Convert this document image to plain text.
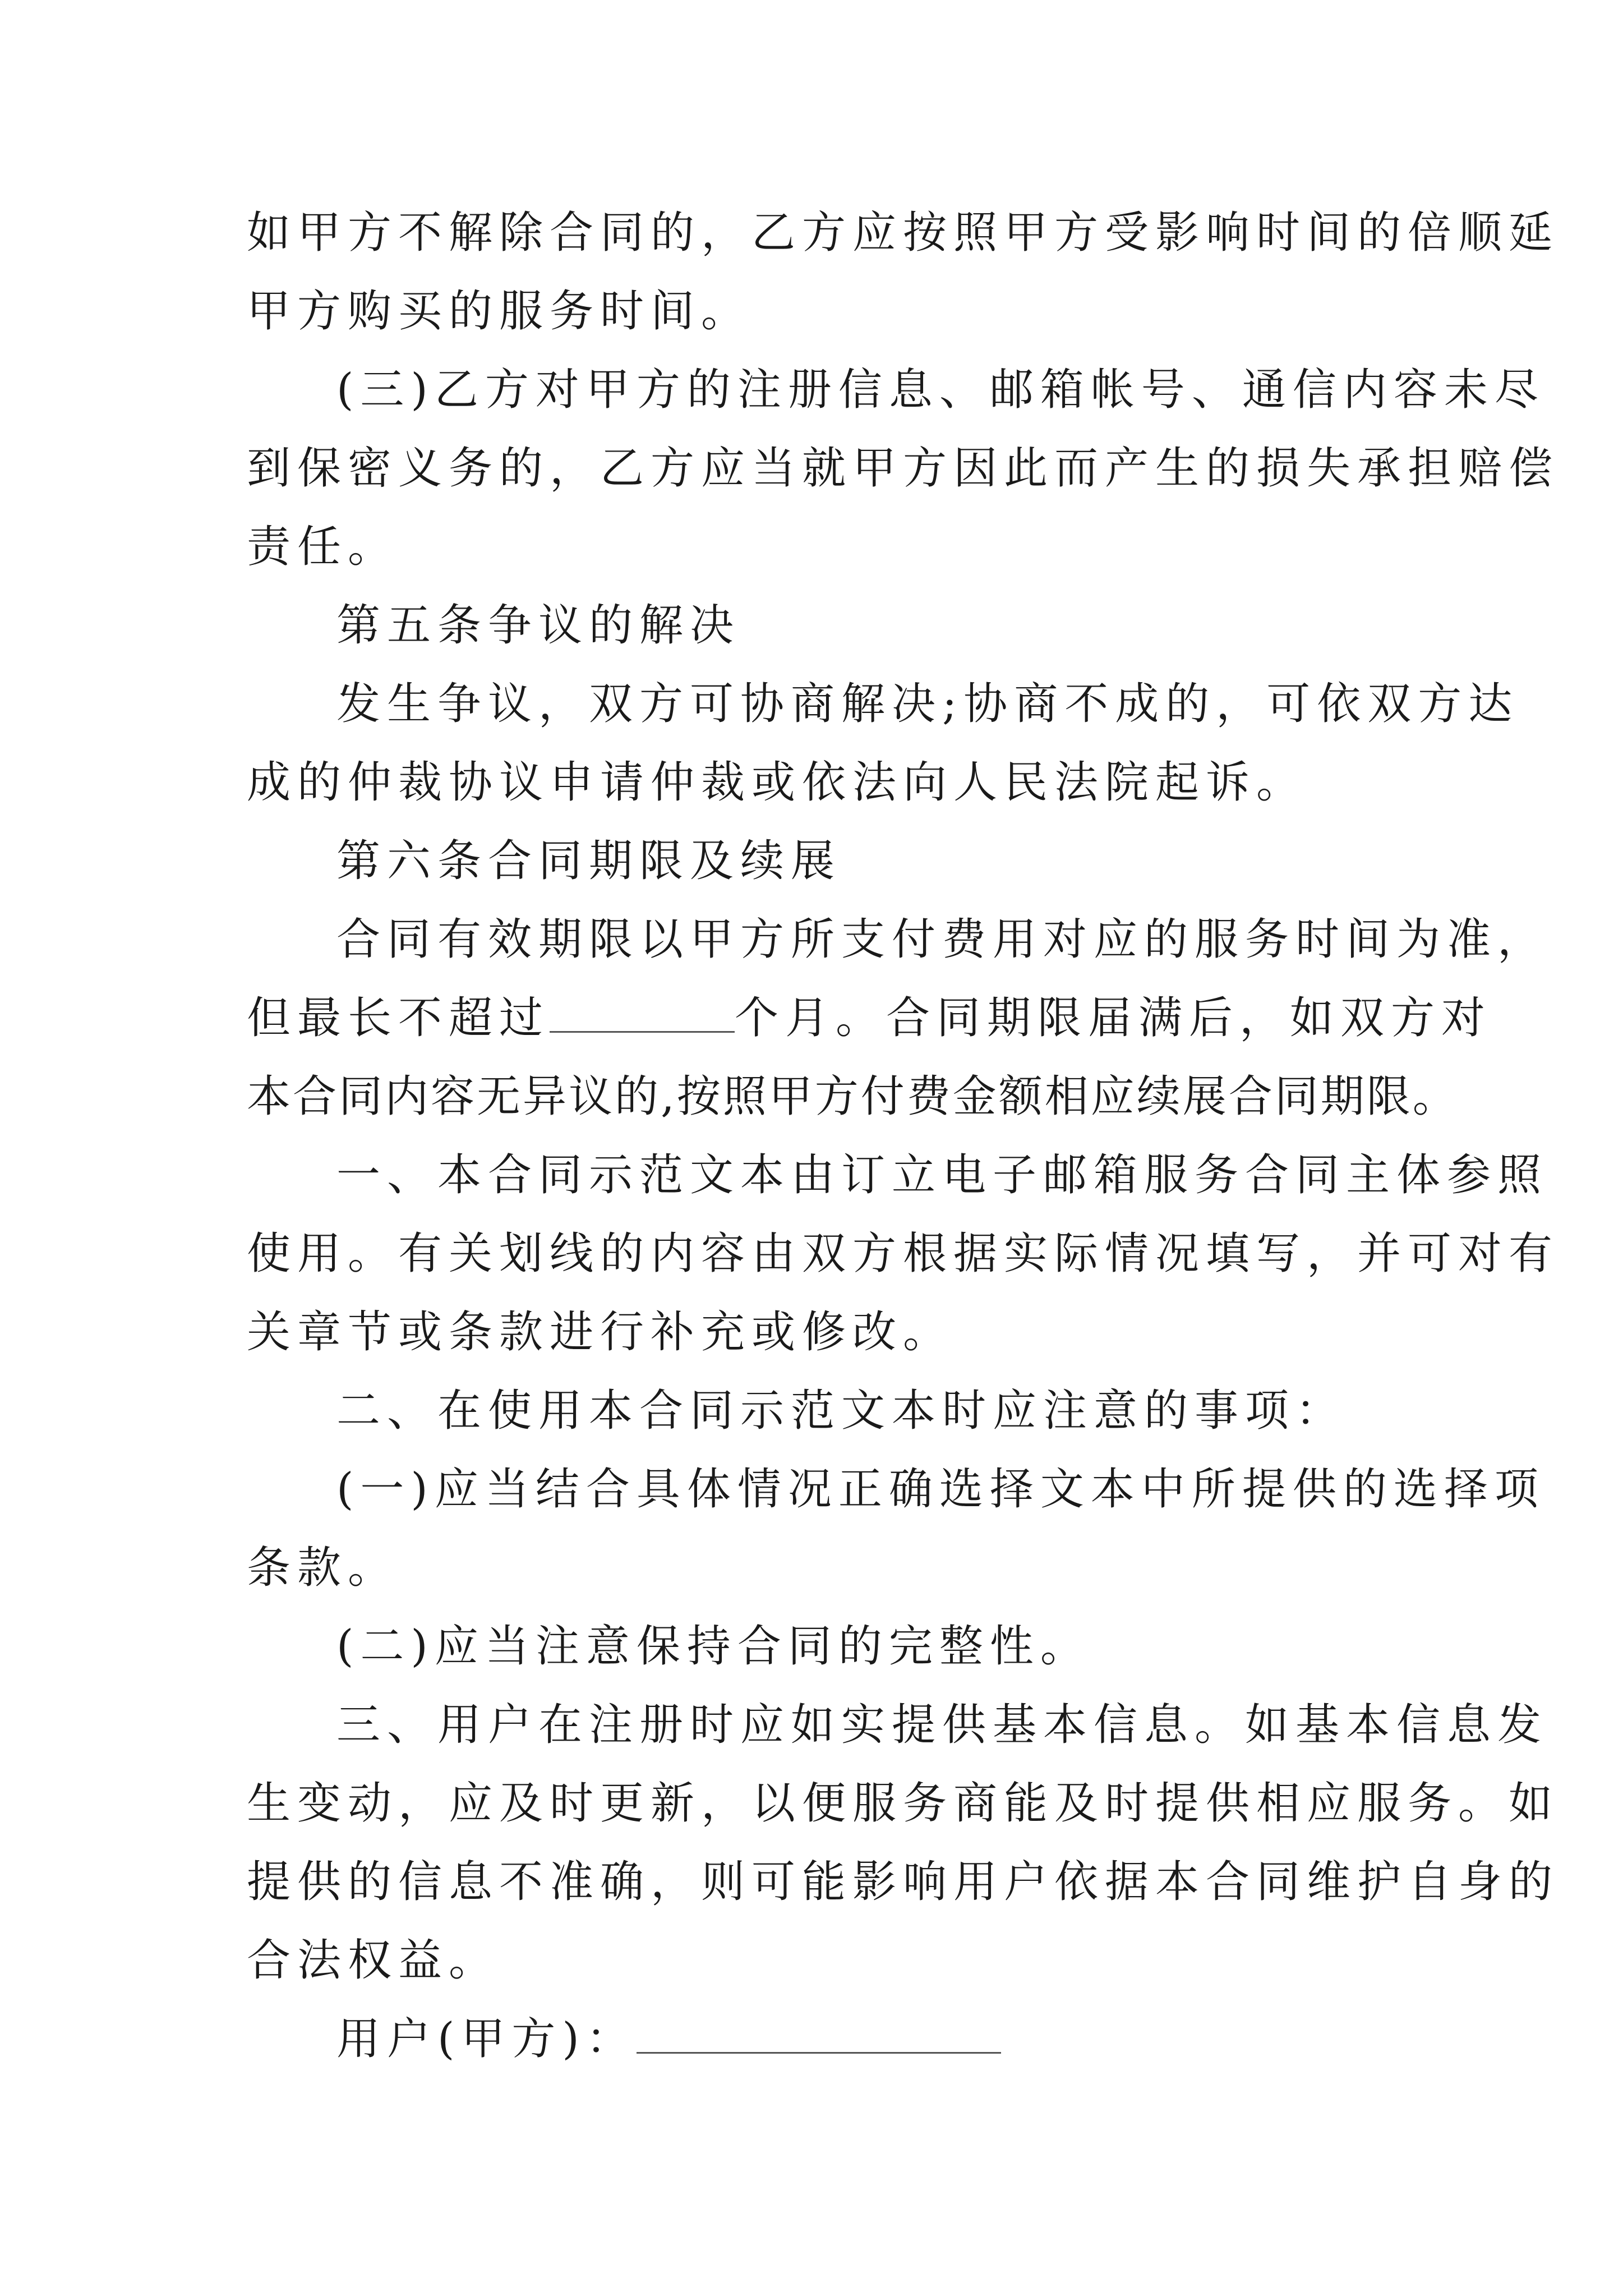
如甲方不解除合同的，乙方应按照甲方受影响时间的倍顺延
甲方购买的服务时间。
(三)乙方对甲方的注册信息、邮箱帐号、通信内容未尽
到保密义务的，乙方应当就甲方因此而产生的损失承担赔偿
责任。
第五条争议的解决
发生争议，双方可协商解决;协商不成的，可依双方达
成的仲裁协议申请仲裁或依法向人民法院起诉。
第六条合同期限及续展
合同有效期限以甲方所支付费用对应的服务时间为准，
但最长不超过	个月。合同期限届满后，如双方对
本合同内容无异议的,按照甲方付费金额相应续展合同期限。
一、本合同示范文本由订立电子邮箱服务合同主体参照
使用。有关划线的内容由双方根据实际情况填写，并可对有
关章节或条款进行补充或修改。
二、在使用本合同示范文本时应注意的事项：
(一)应当结合具体情况正确选择文本中所提供的选择项
条款。
(二)应当注意保持合同的完整性。
三、用户在注册时应如实提供基本信息。如基本信息发
生变动，应及时更新，以便服务商能及时提供相应服务。如
提供的信息不准确，则可能影响用户依据本合同维护自身的
合法权益。
用户(甲方)：
